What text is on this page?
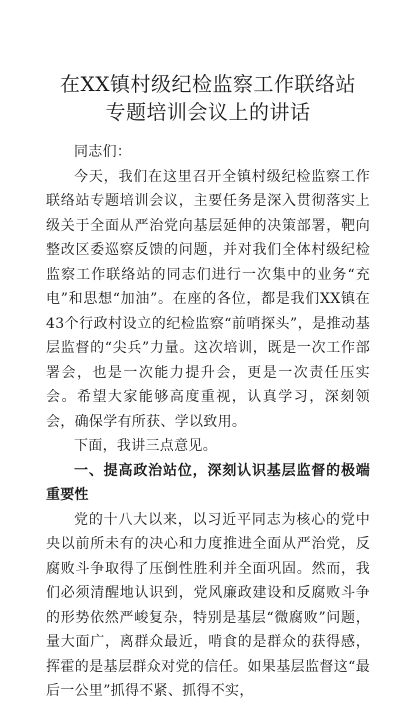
在XX镇村级纪检监察工作联络站专题培训会议上的讲话

同志们：

今天，我们在这里召开全镇村级纪检监察工作联络站专题培训会议，主要任务是深入贯彻落实上级关于全面从严治党向基层延伸的决策部署，靶向整改区委巡察反馈的问题，并对我们全体村级纪检监察工作联络站的同志们进行一次集中的业务“充电”和思想“加油”。在座的各位，都是我们XX镇在43个行政村设立的纪检监察“前哨探头”，是推动基层监督的“尖兵”力量。这次培训，既是一次工作部署会，也是一次能力提升会，更是一次责任压实会。希望大家能够高度重视，认真学习，深刻领会，确保学有所获、学以致用。

下面，我讲三点意见。

一、提高政治站位，深刻认识基层监督的极端重要性

党的十八大以来，以习近平同志为核心的党中央以前所未有的决心和力度推进全面从严治党，反腐败斗争取得了压倒性胜利并全面巩固。然而，我们必须清醒地认识到，党风廉政建设和反腐败斗争的形势依然严峻复杂，特别是基层“微腐败”问题，量大面广，离群众最近，啃食的是群众的获得感，挥霍的是基层群众对党的信任。如果基层监督这“最后一公里”抓得不紧、抓得不实，
